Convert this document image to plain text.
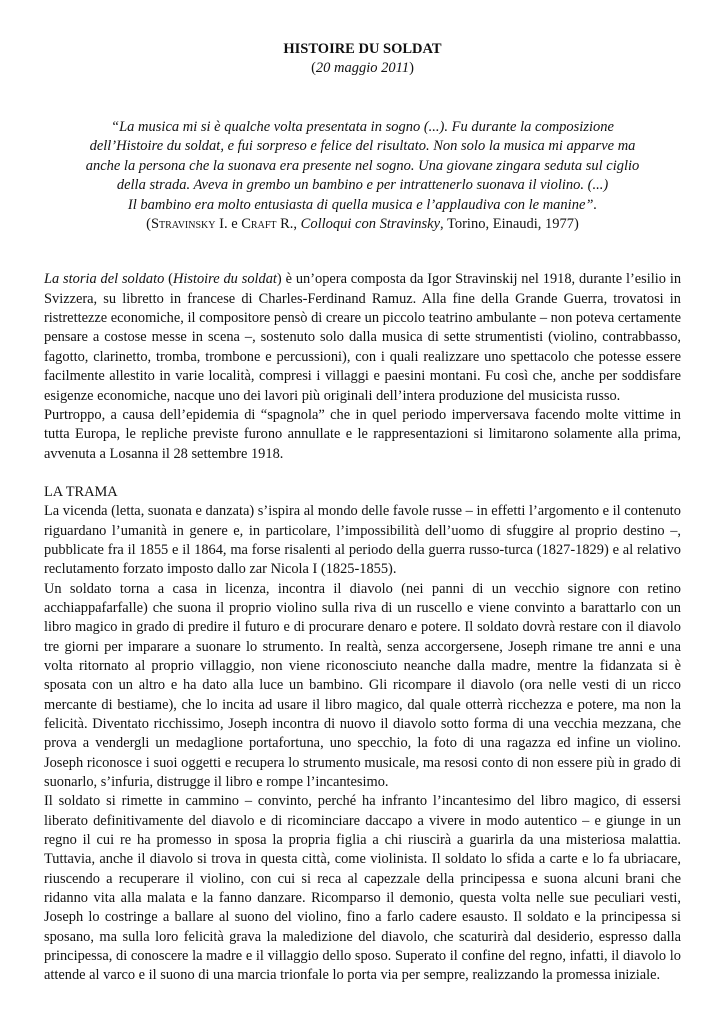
HISTOIRE DU SOLDAT

(20 maggio 2011)

“La musica mi si è qualche volta presentata in sogno (...). Fu durante la composizione
dell’Histoire du soldat, e fui sorpreso e felice del risultato. Non solo la musica mi apparve ma
anche la persona che la suonava era presente nel sogno. Una giovane zingara seduta sul ciglio
della strada. Aveva in grembo un bambino e per intrattenerlo suonava il violino. (...)
Il bambino era molto entusiasta di quella musica e l’applaudiva con le manine”.
(Stravinsky I. e Craft R., Colloqui con Stravinsky, Torino, Einaudi, 1977)

La storia del soldato (Histoire du soldat) è un’opera composta da Igor Stravinskij nel 1918, durante l’esilio in Svizzera, su libretto in francese di Charles-Ferdinand Ramuz. Alla fine della Grande Guerra, trovatosi in ristrettezze economiche, il compositore pensò di creare un piccolo teatrino ambulante – non poteva certamente pensare a costose messe in scena –, sostenuto solo dalla musica di sette strumentisti (violino, contrabbasso, fagotto, clarinetto, tromba, trombone e percussioni), con i quali realizzare uno spettacolo che potesse essere facilmente allestito in varie località, compresi i villaggi e paesini montani. Fu così che, anche per soddisfare esigenze economiche, nacque uno dei lavori più originali dell’intera produzione del musicista russo.

Purtroppo, a causa dell’epidemia di “spagnola” che in quel periodo imperversava facendo molte vittime in tutta Europa, le repliche previste furono annullate e le rappresentazioni si limitarono solamente alla prima, avvenuta a Losanna il 28 settembre 1918.

LA TRAMA

La vicenda (letta, suonata e danzata) s’ispira al mondo delle favole russe – in effetti l’argomento e il contenuto riguardano l’umanità in genere e, in particolare, l’impossibilità dell’uomo di sfuggire al proprio destino –, pubblicate fra il 1855 e il 1864, ma forse risalenti al periodo della guerra russo-turca (1827-1829) e al relativo reclutamento forzato imposto dallo zar Nicola I (1825-1855).

Un soldato torna a casa in licenza, incontra il diavolo (nei panni di un vecchio signore con retino acchiappafarfalle) che suona il proprio violino sulla riva di un ruscello e viene convinto a barattarlo con un libro magico in grado di predire il futuro e di procurare denaro e potere. Il soldato dovrà restare con il diavolo tre giorni per imparare a suonare lo strumento. In realtà, senza accorgersene, Joseph rimane tre anni e una volta ritornato al proprio villaggio, non viene riconosciuto neanche dalla madre, mentre la fidanzata si è sposata con un altro e ha dato alla luce un bambino. Gli ricompare il diavolo (ora nelle vesti di un ricco mercante di bestiame), che lo incita ad usare il libro magico, dal quale otterrà ricchezza e potere, ma non la felicità. Diventato ricchissimo, Joseph incontra di nuovo il diavolo sotto forma di una vecchia mezzana, che prova a vendergli un medaglione portafortuna, uno specchio, la foto di una ragazza ed infine un violino. Joseph riconosce i suoi oggetti e recupera lo strumento musicale, ma resosi conto di non essere più in grado di suonarlo, s’infuria, distrugge il libro e rompe l’incantesimo.

Il soldato si rimette in cammino – convinto, perché ha infranto l’incantesimo del libro magico, di essersi liberato definitivamente del diavolo e di ricominciare daccapo a vivere in modo autentico – e giunge in un regno il cui re ha promesso in sposa la propria figlia a chi riuscirà a guarirla da una misteriosa malattia. Tuttavia, anche il diavolo si trova in questa città, come violinista. Il soldato lo sfida a carte e lo fa ubriacare, riuscendo a recuperare il violino, con cui si reca al capezzale della principessa e suona alcuni brani che ridanno vita alla malata e la fanno danzare. Ricomparso il demonio, questa volta nelle sue peculiari vesti, Joseph lo costringe a ballare al suono del violino, fino a farlo cadere esausto. Il soldato e la principessa si sposano, ma sulla loro felicità grava la maledizione del diavolo, che scaturirà dal desiderio, espresso dalla principessa, di conoscere la madre e il villaggio dello sposo. Superato il confine del regno, infatti, il diavolo lo attende al varco e il suono di una marcia trionfale lo porta via per sempre, realizzando la promessa iniziale.
